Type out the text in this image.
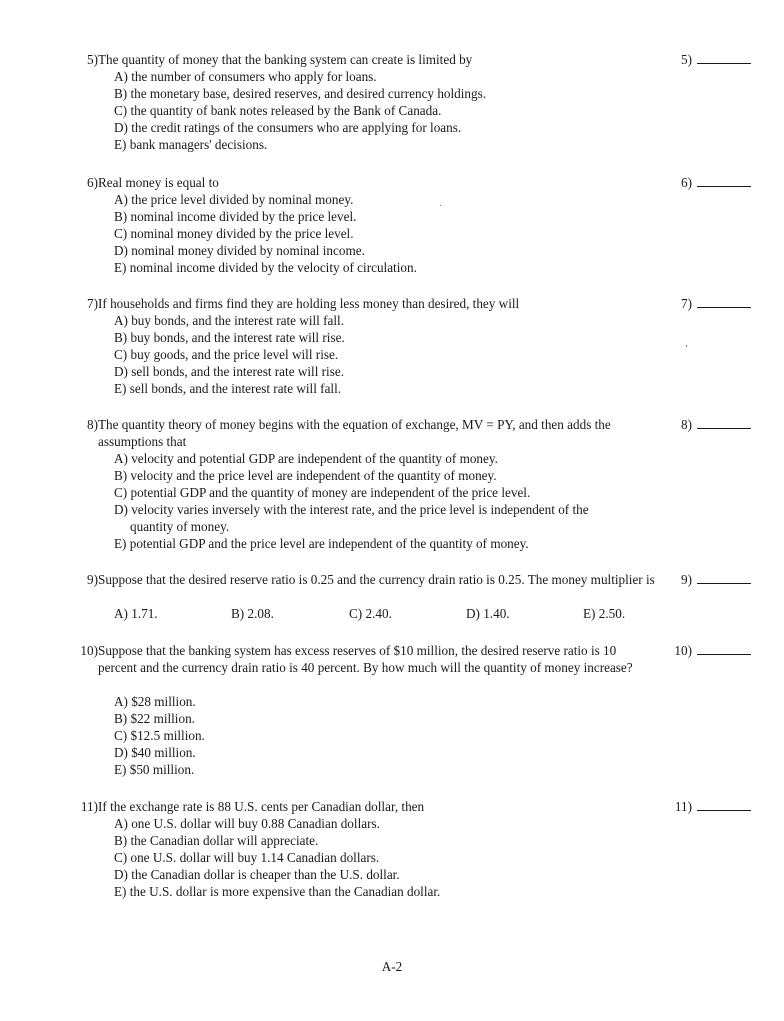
5) The quantity of money that the banking system can create is limited by	5)
A) the number of consumers who apply for loans.
B) the monetary base, desired reserves, and desired currency holdings.
C) the quantity of bank notes released by the Bank of Canada.
D) the credit ratings of the consumers who are applying for loans.
E) bank managers' decisions.
6) Real money is equal to	6)
A) the price level divided by nominal money.
B) nominal income divided by the price level.
C) nominal money divided by the price level.
D) nominal money divided by nominal income.
E) nominal income divided by the velocity of circulation.
7) If households and firms find they are holding less money than desired, they will	7)
A) buy bonds, and the interest rate will fall.
B) buy bonds, and the interest rate will rise.
C) buy goods, and the price level will rise.
D) sell bonds, and the interest rate will rise.
E) sell bonds, and the interest rate will fall.
8) The quantity theory of money begins with the equation of exchange, MV = PY, and then adds the assumptions that
8)
A) velocity and potential GDP are independent of the quantity of money.
B) velocity and the price level are independent of the quantity of money.
C) potential GDP and the quantity of money are independent of the price level.
D) velocity varies inversely with the interest rate, and the price level is independent of the quantity of money.
E) potential GDP and the price level are independent of the quantity of money.
9) Suppose that the desired reserve ratio is 0.25 and the currency drain ratio is 0.25. The money multiplier is	9)
A) 1.71.	B) 2.08.	C) 2.40.	D) 1.40.	E) 2.50.
10) Suppose that the banking system has excess reserves of $10 million, the desired reserve ratio is 10 percent and the currency drain ratio is 40 percent. By how much will the quantity of money increase?
10)
A) $28 million.
B) $22 million.
C) $12.5 million.
D) $40 million.
E) $50 million.
11) If the exchange rate is 88 U.S. cents per Canadian dollar, then	11)
A) one U.S. dollar will buy 0.88 Canadian dollars.
B) the Canadian dollar will appreciate.
C) one U.S. dollar will buy 1.14 Canadian dollars.
D) the Canadian dollar is cheaper than the U.S. dollar.
E) the U.S. dollar is more expensive than the Canadian dollar.
A-2
